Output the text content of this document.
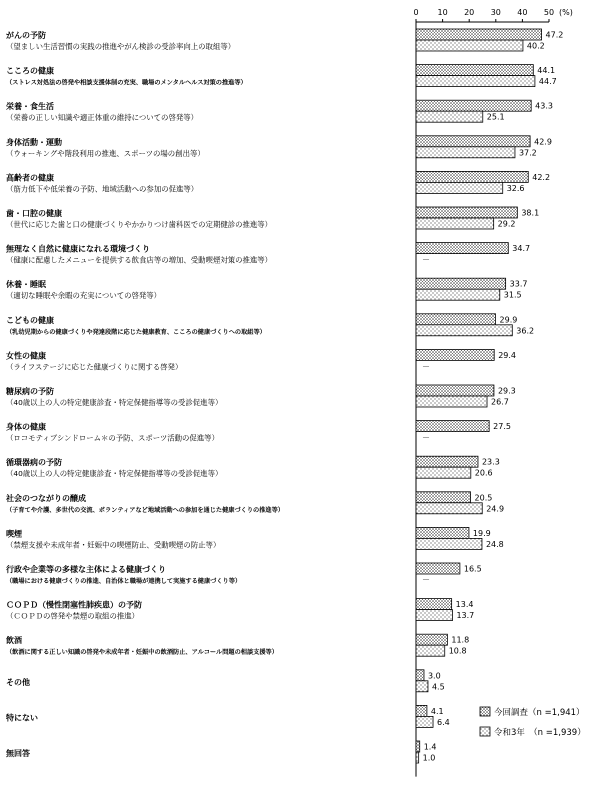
0 10 20 30 40 50 (%)
がんの予防
（望ましい生活習慣の実践の推進やがん検診の受診率向上の取組等）
こころの健康
（ストレス対処法の啓発や相談支援体制の充実、職場のメンタルヘルス対策の推進等）
栄養・食生活
（栄養の正しい知識や適正体重の維持についての啓発等）
身体活動・運動
（ウォーキングや階段利用の推進、スポーツの場の創出等）
高齢者の健康
（筋力低下や低栄養の予防、地域活動への参加の促進等）
歯・口腔の健康
（世代に応じた歯と口の健康づくりやかかりつけ歯科医での定期健診の推進等）
無理なく自然に健康になれる環境づくり
（健康に配慮したメニューを提供する飲食店等の増加、受動喫煙対策の推進等）
休養・睡眠
（適切な睡眠や余暇の充実についての啓発等）
こどもの健康
（乳幼児期からの健康づくりや発達段階に応じた健康教育、こころの健康づくりへの取組等）
女性の健康
（ライフステージに応じた健康づくりに関する啓発）
糖尿病の予防
（40歳以上の人の特定健康診査・特定保健指導等の受診促進等）
身体の健康
（ロコモティブシンドローム＊の予防、スポーツ活動の促進等）
循環器病の予防
（40歳以上の人の特定健康診査・特定保健指導等の受診促進等）
社会のつながりの醸成
（子育てや介護、多世代の交流、ボランティアなど地域活動への参加を通じた健康づくりの推進等）
喫煙
（禁煙支援や未成年者・妊娠中の喫煙防止、受動喫煙の防止等）
行政や企業等の多様な主体による健康づくり
（職場における健康づくりの推進、自治体と職場が連携して実施する健康づくり等）
ＣＯＰＤ（慢性閉塞性肺疾患）の予防
（ＣＯＰＤの啓発や禁煙の取組の推進）
飲酒
（飲酒に関する正しい知識の啓発や未成年者・妊娠中の飲酒防止、アルコール問題の相談支援等）
その他
特にない
無回答
47.2
40.2
44.1
44.7
43.3
25.1
42.9
37.2
42.2
32.6
38.1
29.2
34.7
－
33.7
31.5
29.9
36.2
29.4
－
29.3
26.7
27.5
－
23.3
20.6
20.5
24.9
19.9
24.8
16.5
－
13.4
13.7
11.8
10.8
3.0
4.5
4.1
6.4
1.4
1.0
今回調査（n =1,941）
令和3年　（n =1,939）
